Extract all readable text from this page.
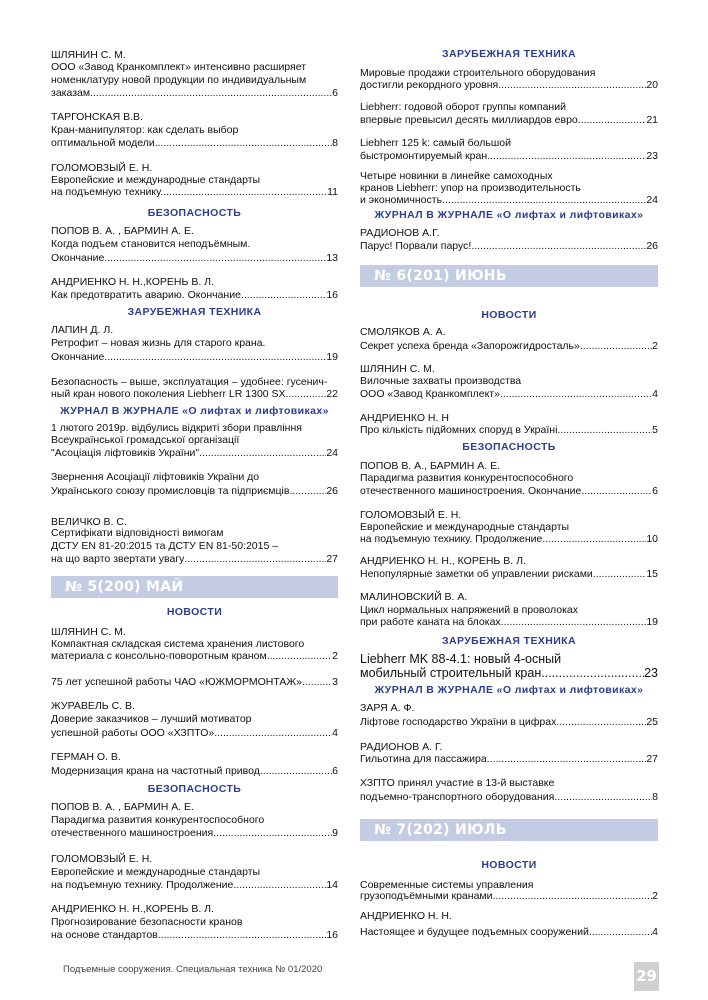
ШЛЯНИН С. М.
ООО «Завод Кранкомплект» интенсивно расширяет
номенклатуру новой продукции по индивидуальным
заказам .....	6
ТАРГОНСКАЯ В.В.
Кран-манипулятор: как сделать выбор
оптимальной модели .....	8
ГОЛОМОВЗЫЙ Е. Н.
Европейские и международные стандарты
на подъемную технику. .....	11
БЕЗОПАСНОСТЬ
ПОПОВ В. А. , БАРМИН А. Е.
Когда подъем становится неподъёмным.
Окончание. .....	13
АНДРИЕНКО Н. Н.,КОРЕНЬ В. Л.
Как предотвратить аварию. Окончание .....	16
ЗАРУБЕЖНАЯ ТЕХНИКА
ЛАПИН Д. Л.
Ретрофит – новая жизнь для старого крана.
Окончание. .....	19
Безопасность – выше, эксплуатация – удобнее: гусенич-
ный кран нового поколения Liebherr LR 1300 SX. .....	22
ЖУРНАЛ В ЖУРНАЛЕ «О лифтах и лифтовиках»
1 лютого 2019р. відбулись відкриті збори правління
Всеукраїнської громадської організації
"Асоціація ліфтовиків України" .....	24
Звернення Асоціації ліфтовиків України до
Українського союзу промисловців та підприємців. .....	26
ВЕЛИЧКО В. С.
Сертифікати відповідності вимогам
ДСТУ EN 81-20:2015 та ДСТУ EN 81-50:2015 –
на що варто звертати увагу .....	27
№ 5(200) МАЙ
НОВОСТИ
ШЛЯНИН С. М.
Компактная складская система хранения листового
материала с консольно-поворотным краном. .....	2
75 лет успешной работы ЧАО «ЮЖМОРМОНТАЖ» .....	3
ЖУРАВЕЛЬ С. В.
Доверие заказчиков – лучший мотиватор
успешной работы ООО «ХЗПТО». .....	4
ГЕРМАН О. В.
Модернизация крана на частотный привод. .....	6
БЕЗОПАСНОСТЬ
ПОПОВ В. А. , БАРМИН А. Е.
Парадигма развития конкурентоспособного
отечественного машиностроения .....	9
ГОЛОМОВЗЫЙ Е. Н.
Европейские и международные стандарты
на подъемную технику. Продолжение .....	14
АНДРИЕНКО Н. Н.,КОРЕНЬ В. Л.
Прогнозирование безопасности кранов
на основе стандартов. .....	16
ЗАРУБЕЖНАЯ ТЕХНИКА
Мировые продажи строительного оборудования
достигли рекордного уровня .....	20
Liebherr: годовой оборот группы компаний
впервые превысил десять миллиардов евро .....	21
Liebherr 125 k: самый большой
быстромонтируемый кран. .....	23
Четыре новинки в линейке самоходных
кранов Liebherr: упор на производительность
и экономичность. .....	24
ЖУРНАЛ В ЖУРНАЛЕ «О лифтах и лифтовиках»
РАДИОНОВ А.Г.
Парус! Порвали парус! .....	26
№ 6(201) ИЮНЬ
НОВОСТИ
СМОЛЯКОВ А. А.
Секрет успеха бренда «Запорожгидросталь» .....	2
ШЛЯНИН С. М.
Вилочные захваты производства
ООО «Завод Кранкомплект». .....	4
АНДРИЕНКО Н. Н
Про кількість підйомних споруд в Україні. .....	5
БЕЗОПАСНОСТЬ
ПОПОВ В. А., БАРМИН А. Е.
Парадигма развития конкурентоспособного
отечественного машиностроения. Окончание .....	6
ГОЛОМОВЗЫЙ Е. Н.
Европейские и международные стандарты
на подъемную технику. Продолжение. .....	10
АНДРИЕНКО Н. Н., КОРЕНЬ В. Л.
Непопулярные заметки об управлении рисками. .....	15
МАЛИНОВСКИЙ В. А.
Цикл нормальных напряжений в проволоках
при работе каната на блоках .....	19
ЗАРУБЕЖНАЯ ТЕХНИКА
Liebherr MK 88-4.1: новый 4-осный
мобильный строительный кран .....	23
ЖУРНАЛ В ЖУРНАЛЕ «О лифтах и лифтовиках»
ЗАРЯ А. Ф.
Ліфтове господарство України в цифрах. .....	25
РАДИОНОВ А. Г.
Гильотина для пассажира .....	27
ХЗПТО принял участие в 13-й выставке
подъемно-транспортного оборудования. .....	8
№ 7(202) ИЮЛЬ
НОВОСТИ
Современные системы управления
грузоподъёмными кранами .....	2
АНДРИЕНКО Н. Н.
Настоящее и будущее подъемных сооружений .....	4
Подъемные сооружения. Специальная техника № 01/2020	29
